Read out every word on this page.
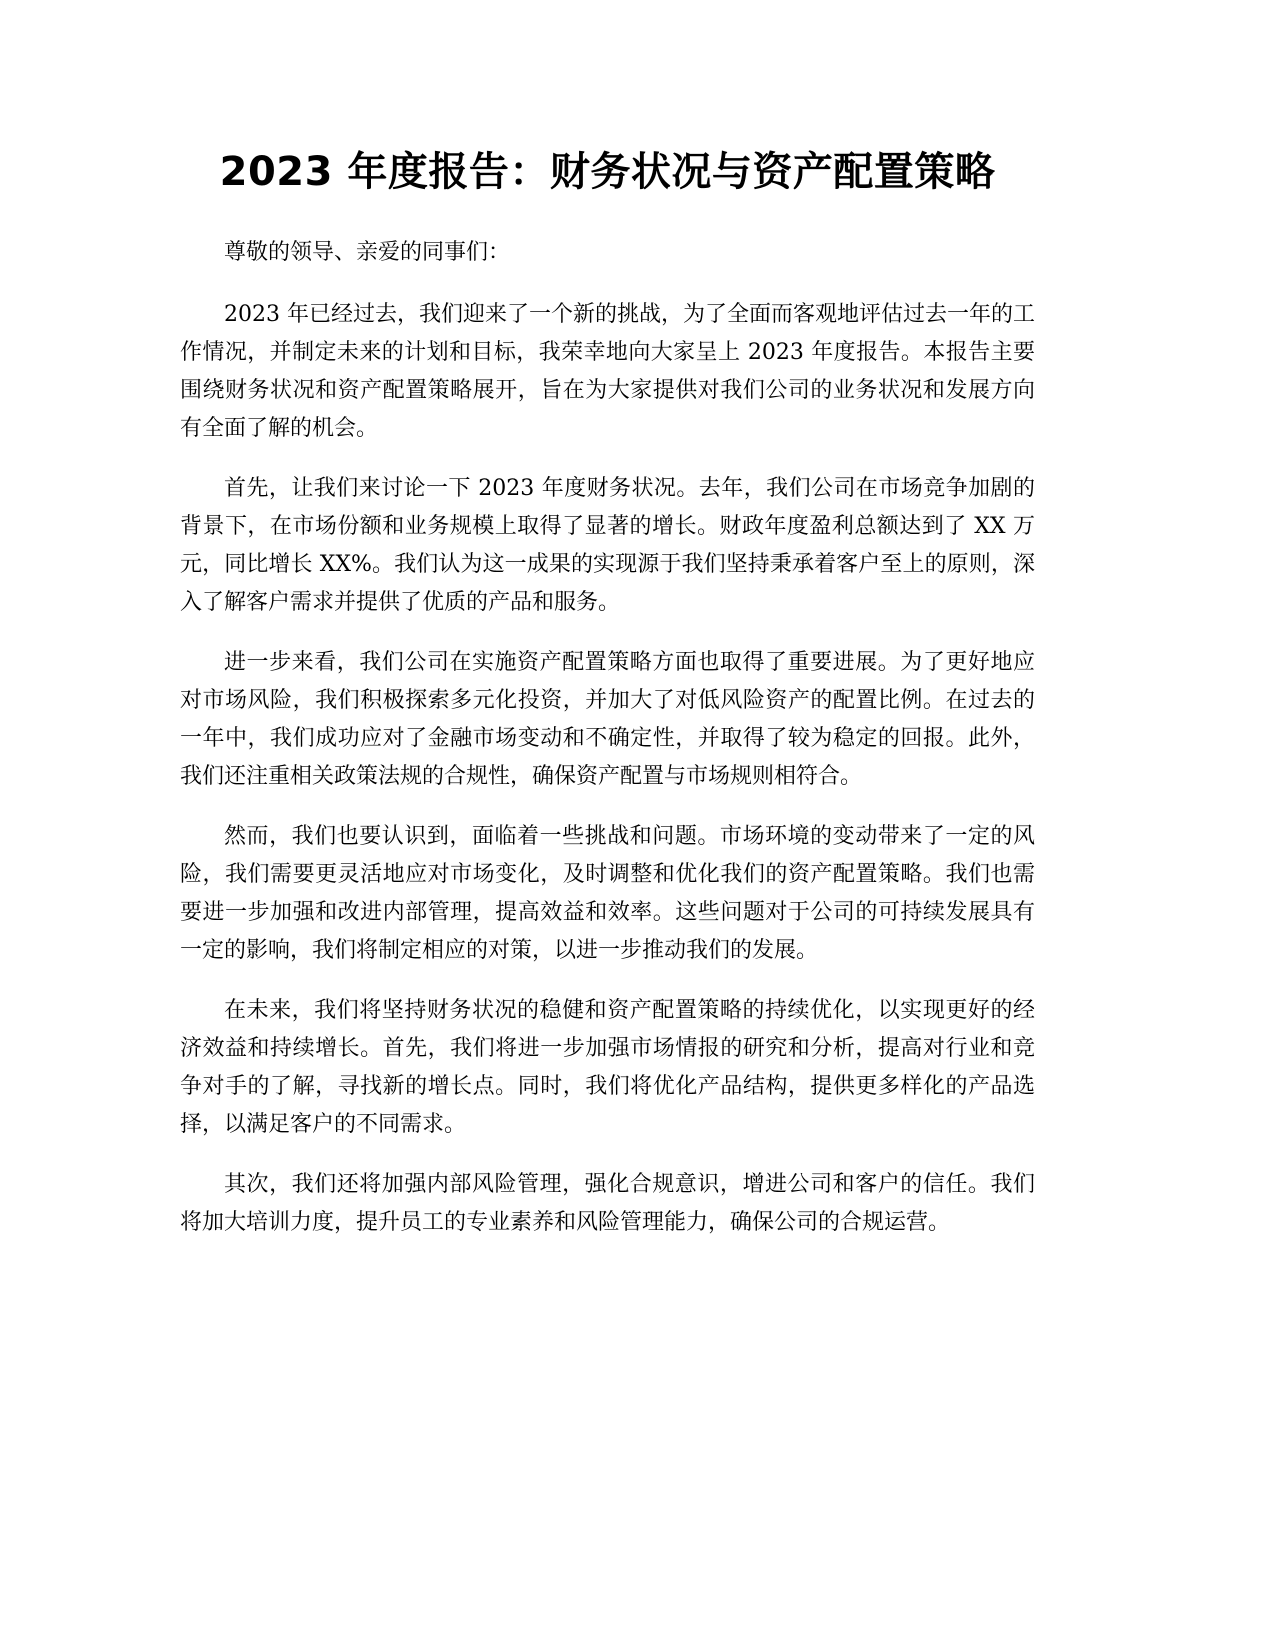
2023 年度报告：财务状况与资产配置策略

尊敬的领导、亲爱的同事们：

2023 年已经过去，我们迎来了一个新的挑战，为了全面而客观地评估过去一年的工作情况，并制定未来的计划和目标，我荣幸地向大家呈上 2023 年度报告。本报告主要围绕财务状况和资产配置策略展开，旨在为大家提供对我们公司的业务状况和发展方向有全面了解的机会。

首先，让我们来讨论一下 2023 年度财务状况。去年，我们公司在市场竞争加剧的背景下，在市场份额和业务规模上取得了显著的增长。财政年度盈利总额达到了 XX 万元，同比增长 XX%。我们认为这一成果的实现源于我们坚持秉承着客户至上的原则，深入了解客户需求并提供了优质的产品和服务。

进一步来看，我们公司在实施资产配置策略方面也取得了重要进展。为了更好地应对市场风险，我们积极探索多元化投资，并加大了对低风险资产的配置比例。在过去的一年中，我们成功应对了金融市场变动和不确定性，并取得了较为稳定的回报。此外，我们还注重相关政策法规的合规性，确保资产配置与市场规则相符合。

然而，我们也要认识到，面临着一些挑战和问题。市场环境的变动带来了一定的风险，我们需要更灵活地应对市场变化，及时调整和优化我们的资产配置策略。我们也需要进一步加强和改进内部管理，提高效益和效率。这些问题对于公司的可持续发展具有一定的影响，我们将制定相应的对策，以进一步推动我们的发展。

在未来，我们将坚持财务状况的稳健和资产配置策略的持续优化，以实现更好的经济效益和持续增长。首先，我们将进一步加强市场情报的研究和分析，提高对行业和竞争对手的了解，寻找新的增长点。同时，我们将优化产品结构，提供更多样化的产品选择，以满足客户的不同需求。

其次，我们还将加强内部风险管理，强化合规意识，增进公司和客户的信任。我们将加大培训力度，提升员工的专业素养和风险管理能力，确保公司的合规运营。
